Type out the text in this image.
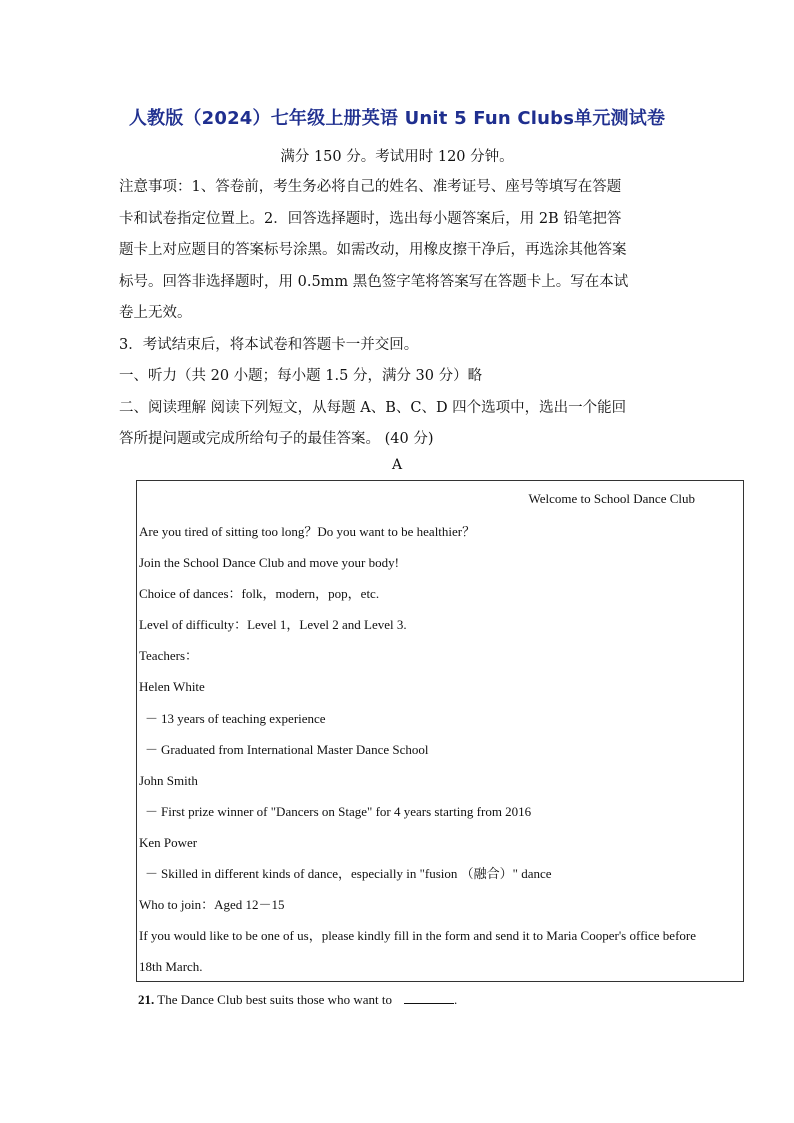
人教版（2024）七年级上册英语 Unit 5 Fun Clubs单元测试卷
满分 150 分。考试用时 120 分钟。

注意事项：1、答卷前，考生务必将自己的姓名、准考证号、座号等填写在答题

卡和试卷指定位置上。2．回答选择题时，选出每小题答案后，用 2B 铅笔把答

题卡上对应题目的答案标号涂黑。如需改动，用橡皮擦干净后，再选涂其他答案

标号。回答非选择题时，用 0.5mm 黑色签字笔将答案写在答题卡上。写在本试

卷上无效。

3．考试结束后，将本试卷和答题卡一并交回。

一、听力（共 20 小题；每小题 1.5 分，满分 30 分）略

二、阅读理解 阅读下列短文，从每题 A、B、C、D 四个选项中，选出一个能回

答所提问题或完成所给句子的最佳答案。 (40 分)

A
Welcome to School Dance Club
Are you tired of sitting too long？Do you want to be healthier？
Join the School Dance Club and move your body!
Choice of dances：folk，modern，pop，etc.
Level of difficulty：Level 1，Level 2 and Level 3.
Teachers：
Helen White
－ 13 years of teaching experience
－ Graduated from International Master Dance School
John Smith
－ First prize winner of "Dancers on Stage" for 4 years starting from 2016
Ken Power
－ Skilled in different kinds of dance，especially in "fusion （融合）" dance
Who to join：Aged 12－15
If you would like to be one of us，please kindly fill in the form and send it to Maria Cooper's office before
18th March.
21. The Dance Club best suits those who want to	.
